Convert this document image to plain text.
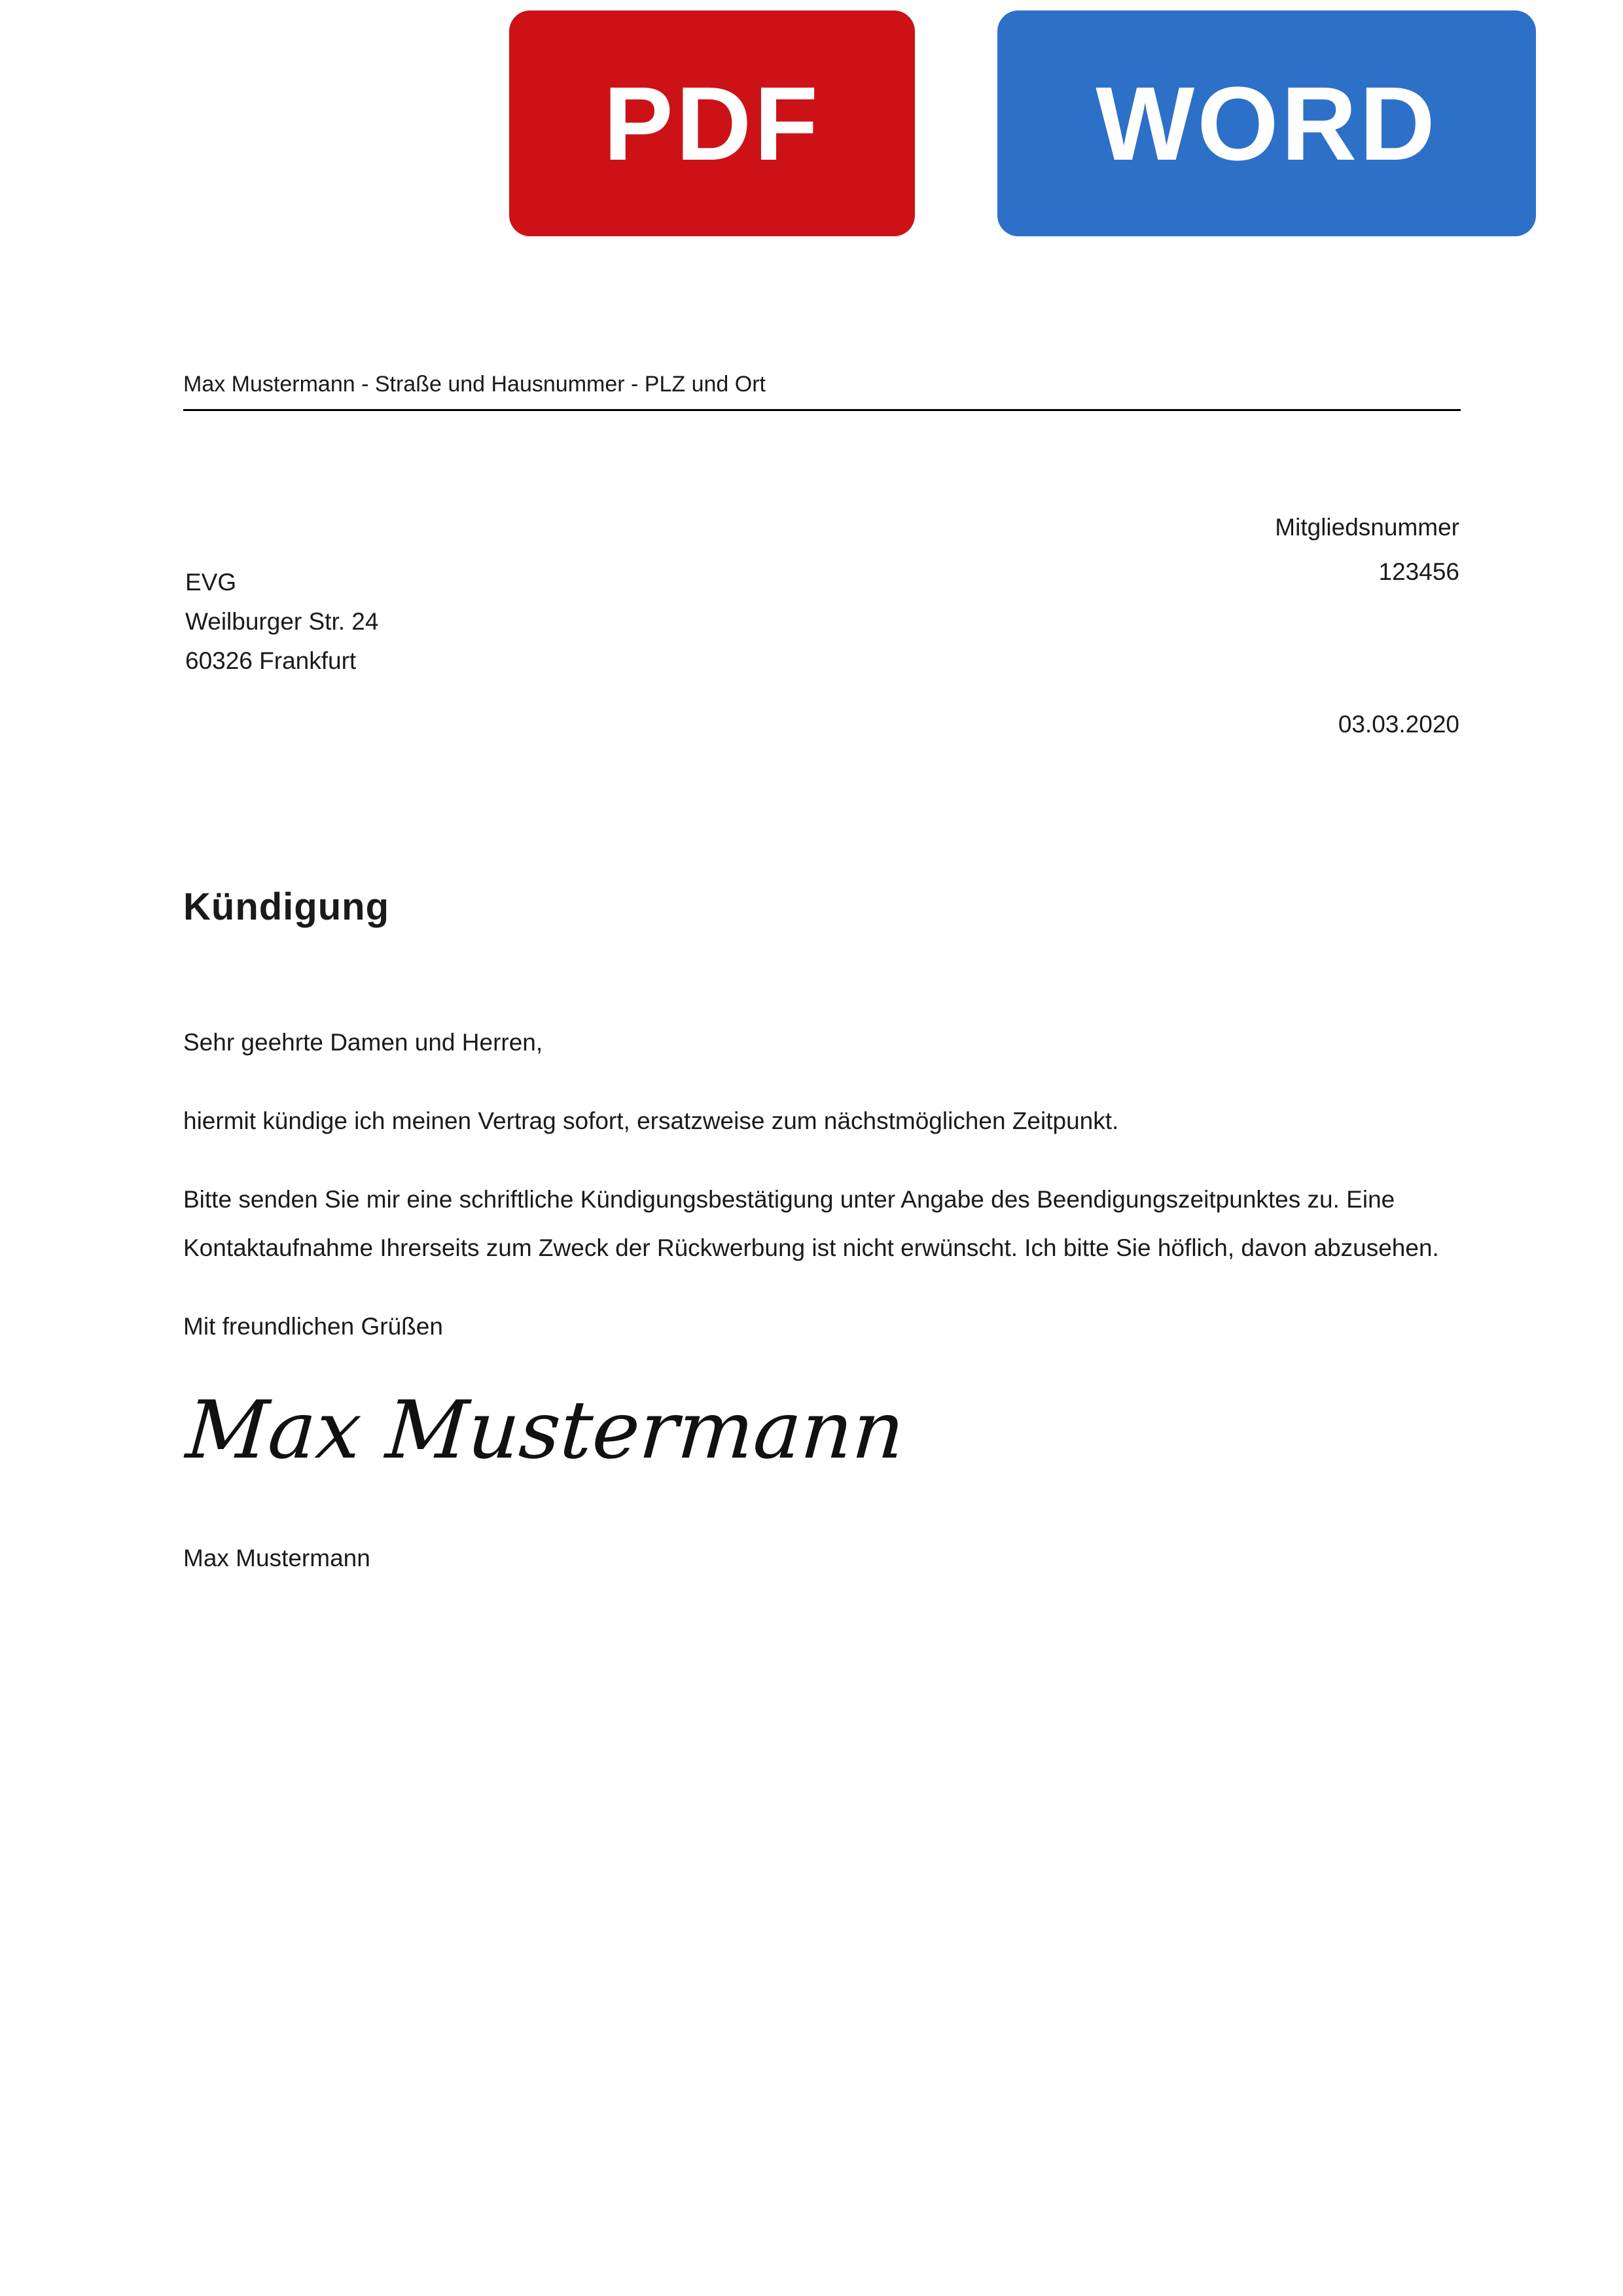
PDF	WORD
Max Mustermann - Straße und Hausnummer - PLZ und Ort
Mitgliedsnummer
123456
EVG
Weilburger Str. 24
60326 Frankfurt
03.03.2020
Kündigung

Sehr geehrte Damen und Herren,

hiermit kündige ich meinen Vertrag sofort, ersatzweise zum nächstmöglichen Zeitpunkt.

Bitte senden Sie mir eine schriftliche Kündigungsbestätigung unter Angabe des Beendigungszeitpunktes zu. Eine Kontaktaufnahme Ihrerseits zum Zweck der Rückwerbung ist nicht erwünscht. Ich bitte Sie höflich, davon abzusehen.

Mit freundlichen Grüßen

Max Mustermann
Max Mustermann
